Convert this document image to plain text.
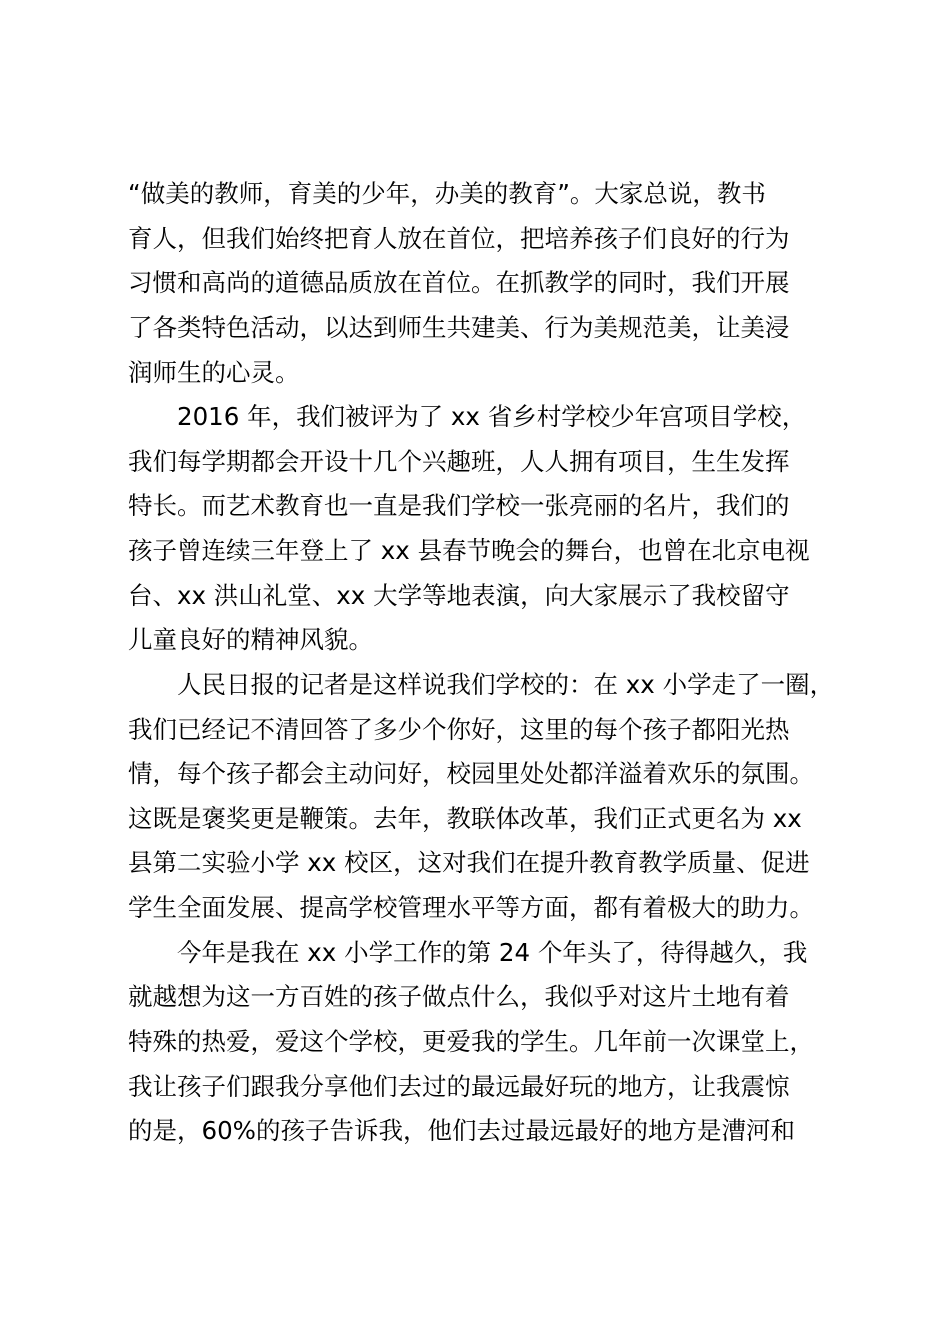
“做美的教师，育美的少年，办美的教育”。大家总说，教书
育人，但我们始终把育人放在首位，把培养孩子们良好的行为
习惯和高尚的道德品质放在首位。在抓教学的同时，我们开展
了各类特色活动，以达到师生共建美、行为美规范美，让美浸
润师生的心灵。
2016 年，我们被评为了 xx 省乡村学校少年宫项目学校，
我们每学期都会开设十几个兴趣班，人人拥有项目，生生发挥
特长。而艺术教育也一直是我们学校一张亮丽的名片，我们的
孩子曾连续三年登上了 xx 县春节晚会的舞台，也曾在北京电视
台、xx 洪山礼堂、xx 大学等地表演，向大家展示了我校留守
儿童良好的精神风貌。
人民日报的记者是这样说我们学校的：在 xx 小学走了一圈，
我们已经记不清回答了多少个你好，这里的每个孩子都阳光热
情，每个孩子都会主动问好，校园里处处都洋溢着欢乐的氛围。
这既是褒奖更是鞭策。去年，教联体改革，我们正式更名为 xx
县第二实验小学 xx 校区，这对我们在提升教育教学质量、促进
学生全面发展、提高学校管理水平等方面，都有着极大的助力。
今年是我在 xx 小学工作的第 24 个年头了，待得越久，我
就越想为这一方百姓的孩子做点什么，我似乎对这片土地有着
特殊的热爱，爱这个学校，更爱我的学生。几年前一次课堂上，
我让孩子们跟我分享他们去过的最远最好玩的地方，让我震惊
的是，60%的孩子告诉我，他们去过最远最好的地方是漕河和
